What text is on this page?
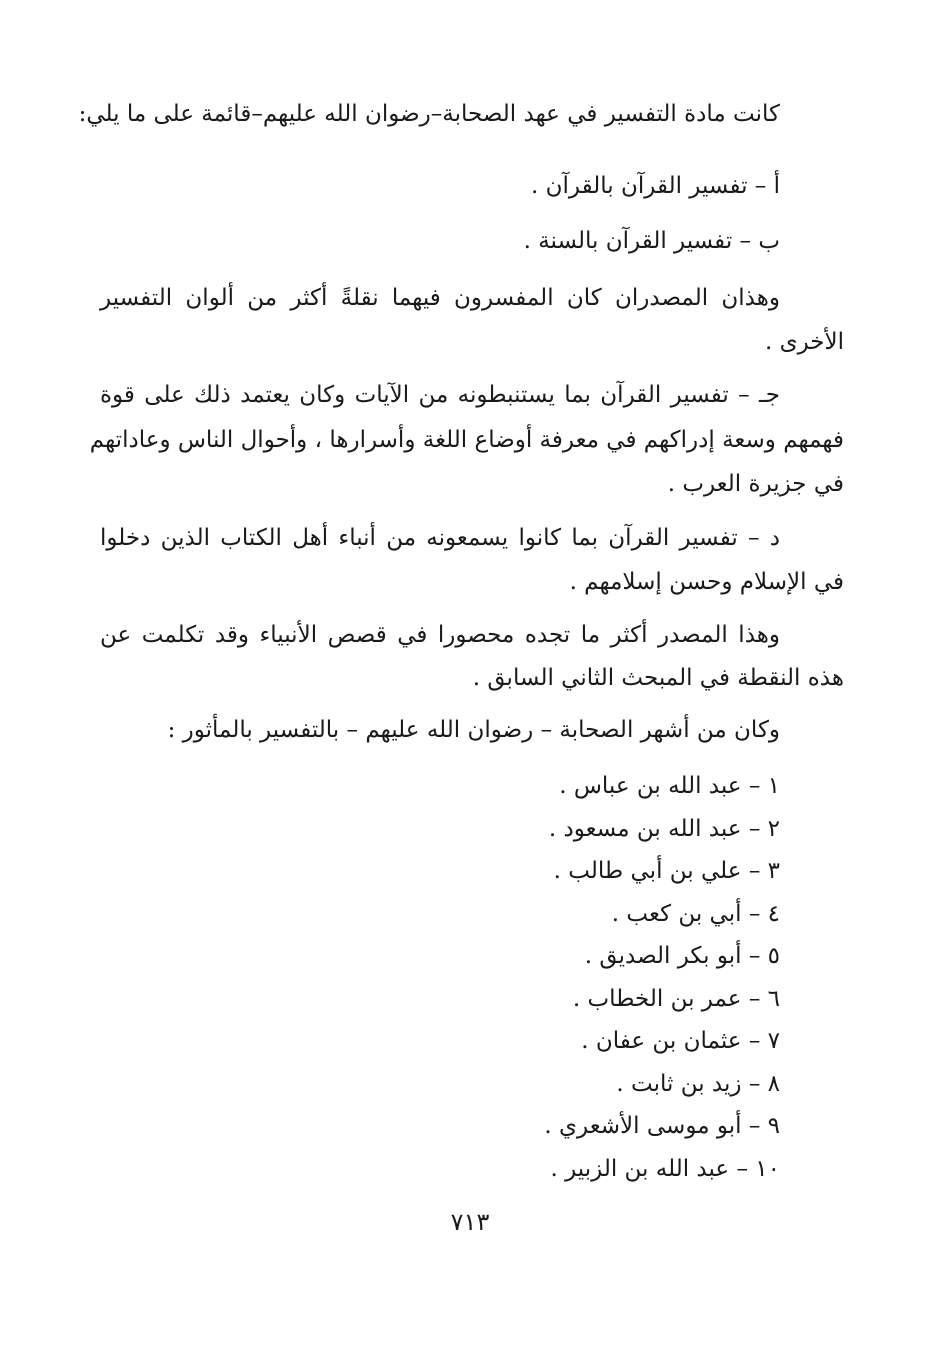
كانت مادة التفسير في عهد الصحابة–رضوان الله عليهم–قائمة على ما يلي:
أ – تفسير القرآن بالقرآن .
ب – تفسير القرآن بالسنة .
وهذان المصدران كان المفسرون فيهما نقلةً أكثر من ألوان التفسير
الأخرى .
جـ – تفسير القرآن بما يستنبطونه من الآيات وكان يعتمد ذلك على قوة
فهمهم وسعة إدراكهم في معرفة أوضاع اللغة وأسرارها ، وأحوال الناس وعاداتهم
في جزيرة العرب .
د – تفسير القرآن بما كانوا يسمعونه من أنباء أهل الكتاب الذين دخلوا
في الإسلام وحسن إسلامهم .
وهذا المصدر أكثر ما تجده محصورا في قصص الأنبياء وقد تكلمت عن
هذه النقطة في المبحث الثاني السابق .
وكان من أشهر الصحابة – رضوان الله عليهم – بالتفسير بالمأثور :
١ – عبد الله بن عباس .
٢ – عبد الله بن مسعود .
٣ – علي بن أبي طالب .
٤ – أبي بن كعب .
٥ – أبو بكر الصديق .
٦ – عمر بن الخطاب .
٧ – عثمان بن عفان .
٨ – زيد بن ثابت .
٩ – أبو موسى الأشعري .
١٠ – عبد الله بن الزبير .
٧١٣
